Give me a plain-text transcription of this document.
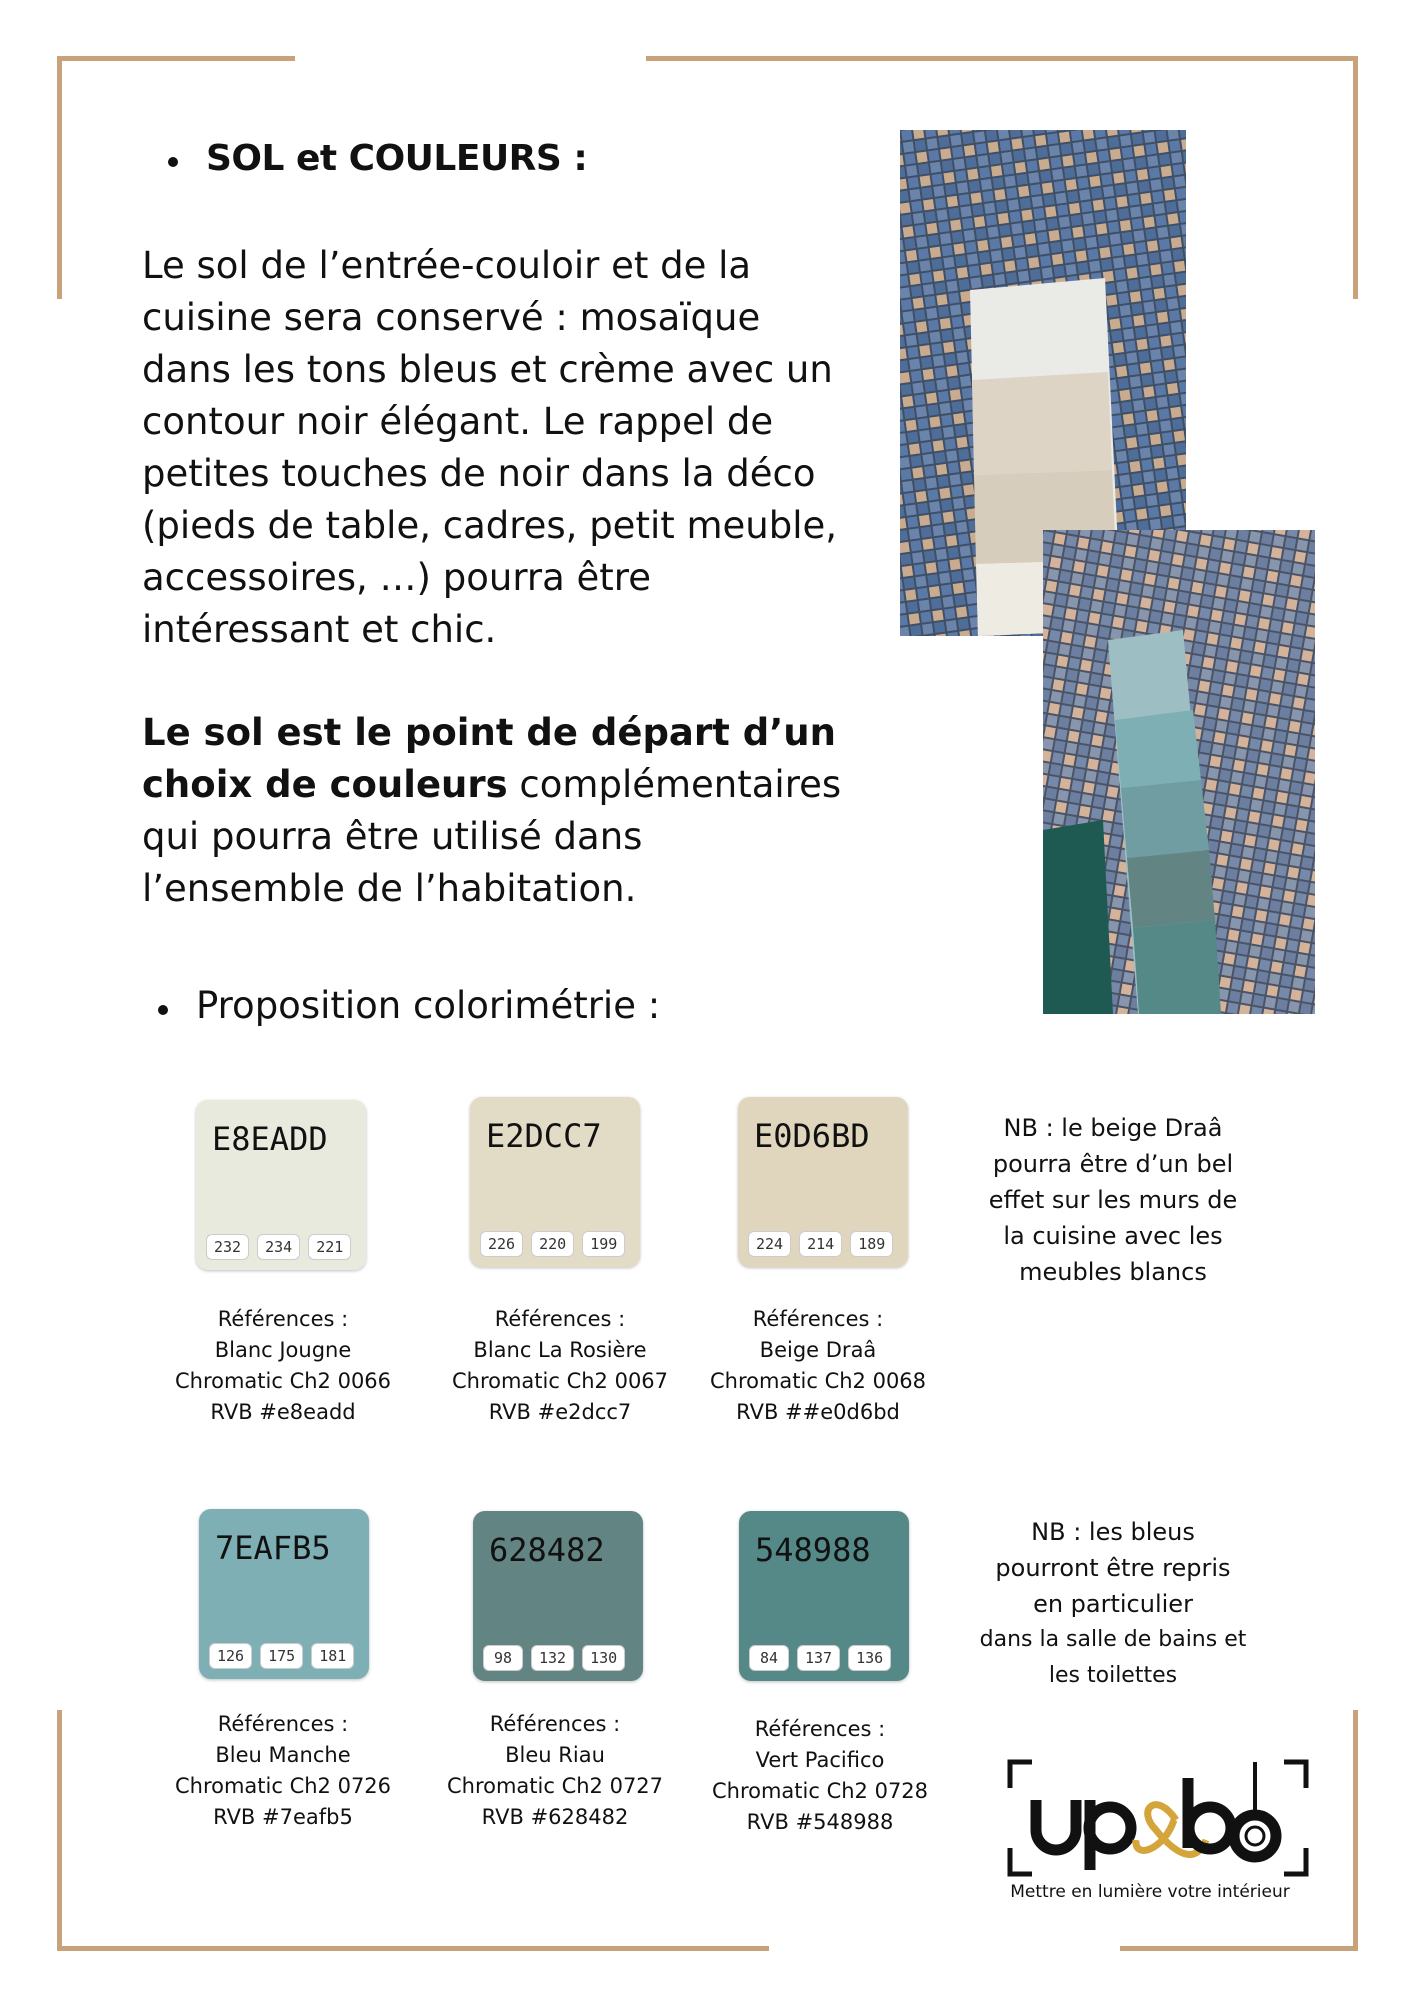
SOL et COULEURS :
Le sol de l’entrée-couloir et de la
cuisine sera conservé : mosaïque
dans les tons bleus et crème avec un
contour noir élégant. Le rappel de
petites touches de noir dans la déco
(pieds de table, cadres, petit meuble,
accessoires, …) pourra être
intéressant et chic.
Le sol est le point de départ d’un
choix de couleurs complémentaires
qui pourra être utilisé dans
l’ensemble de l’habitation.
Proposition colorimétrie :
E8EADD
232	234	221
E2DCC7
226	220	199
E0D6BD
224	214	189
Références :
Blanc Jougne
Chromatic Ch2 0066
RVB #e8eadd
Références :
Blanc La Rosière
Chromatic Ch2 0067
RVB #e2dcc7
Références :
Beige Draâ
Chromatic Ch2 0068
RVB ##e0d6bd
NB : le beige Draâ
pourra être d’un bel
effet sur les murs de
la cuisine avec les
meubles blancs
7EAFB5
126	175	181
628482
98	132	130
548988
84	137	136
Références :
Bleu Manche
Chromatic Ch2 0726
RVB #7eafb5
Références :
Bleu Riau
Chromatic Ch2 0727
RVB #628482
Références :
Vert Pacifico
Chromatic Ch2 0728
RVB #548988
NB : les bleus
pourront être repris
en particulier
dans la salle de bains et
les toilettes
Mettre en lumière votre intérieur
